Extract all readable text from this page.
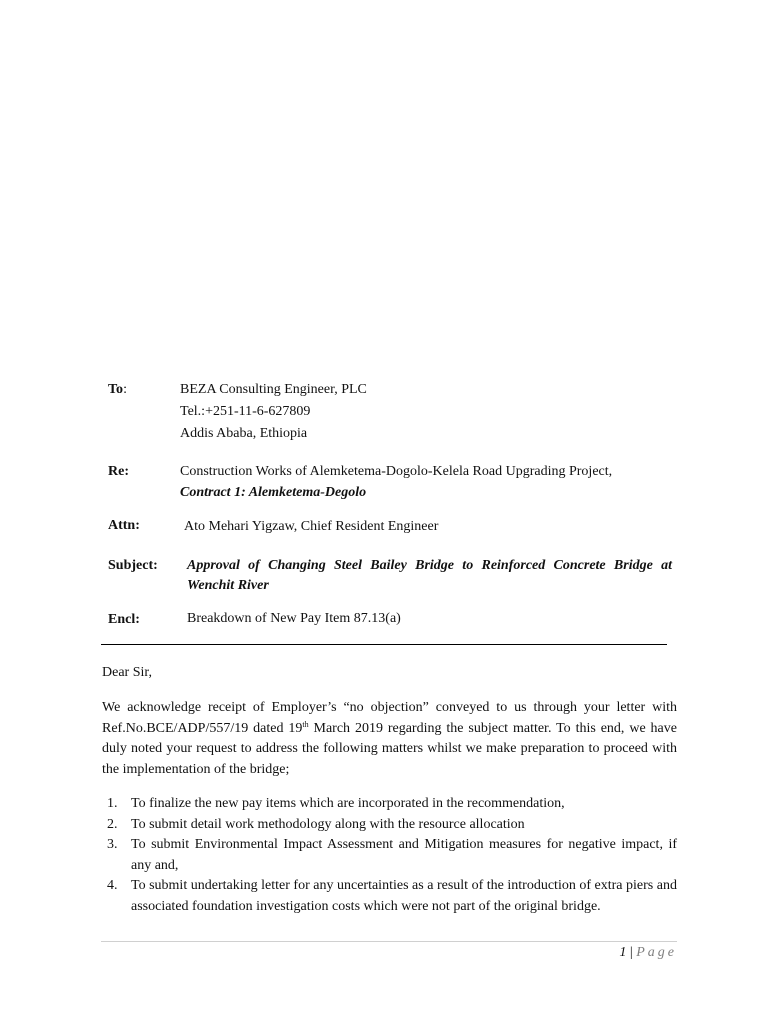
To:	BEZA Consulting Engineer, PLC
Tel.:+251-11-6-627809
Addis Ababa, Ethiopia
Re:	Construction Works of Alemketema-Dogolo-Kelela Road Upgrading Project,
Contract 1: Alemketema-Degolo
Attn:	Ato Mehari Yigzaw, Chief Resident Engineer
Subject: Approval of Changing Steel Bailey Bridge to Reinforced Concrete Bridge at Wenchit River
Encl:	Breakdown of New Pay Item 87.13(a)
Dear Sir,
We acknowledge receipt of Employer’s “no objection” conveyed to us through your letter with Ref.No.BCE/ADP/557/19 dated 19th March 2019 regarding the subject matter. To this end, we have duly noted your request to address the following matters whilst we make preparation to proceed with the implementation of the bridge;
1. To finalize the new pay items which are incorporated in the recommendation,
2. To submit detail work methodology along with the resource allocation
3. To submit Environmental Impact Assessment and Mitigation measures for negative impact, if any and,
4. To submit undertaking letter for any uncertainties as a result of the introduction of extra piers and associated foundation investigation costs which were not part of the original bridge.
1 | Page
